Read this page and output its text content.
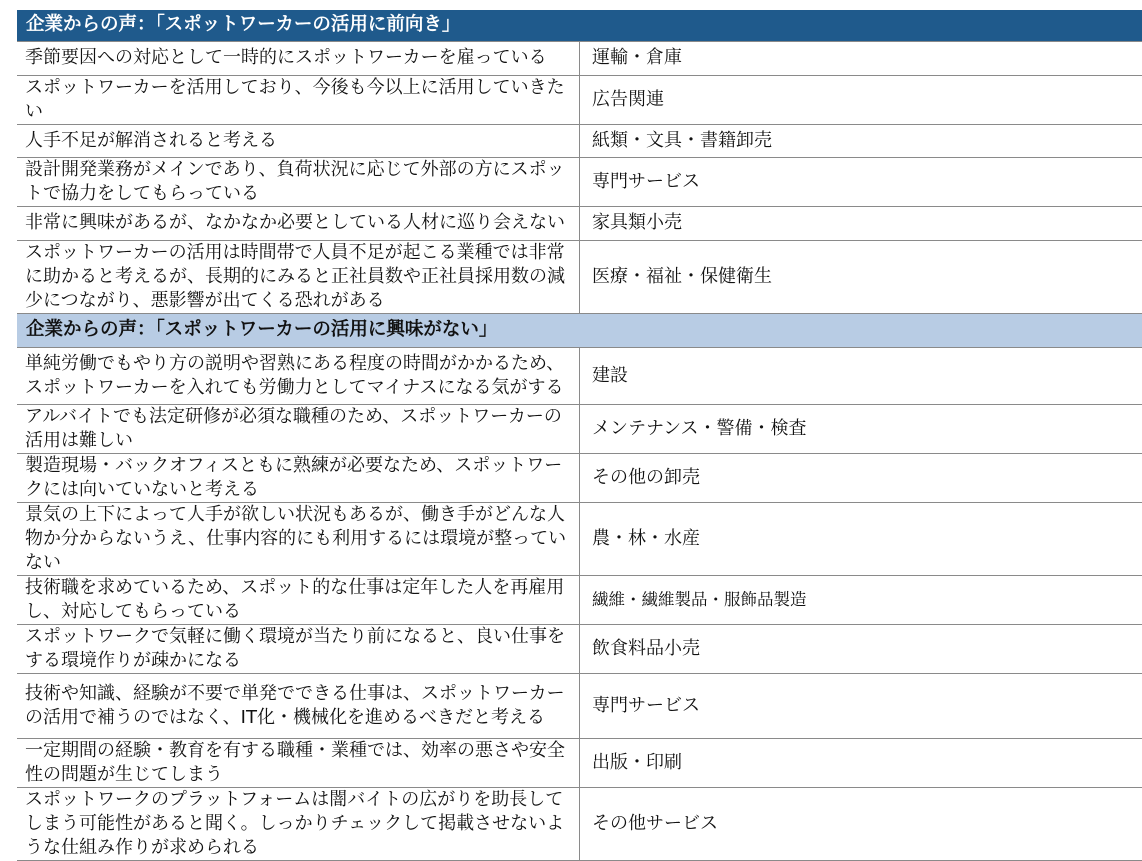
企業からの声：「スポットワーカーの活用に前向き」	
季節要因への対応として一時的にスポットワーカーを雇っている	運輸・倉庫
スポットワーカーを活用しており、今後も今以上に活用していきたい	広告関連
人手不足が解消されると考える	紙類・文具・書籍卸売
設計開発業務がメインであり、負荷状況に応じて外部の方にスポットで協力をしてもらっている	専門サービス
非常に興味があるが、なかなか必要としている人材に巡り会えない	家具類小売
スポットワーカーの活用は時間帯で人員不足が起こる業種では非常に助かると考えるが、長期的にみると正社員数や正社員採用数の減少につながり、悪影響が出てくる恐れがある	医療・福祉・保健衛生
企業からの声：「スポットワーカーの活用に興味がない」	
単純労働でもやり方の説明や習熟にある程度の時間がかかるため、スポットワーカーを入れても労働力としてマイナスになる気がする	建設
アルバイトでも法定研修が必須な職種のため、スポットワーカーの活用は難しい	メンテナンス・警備・検査
製造現場・バックオフィスともに熟練が必要なため、スポットワークには向いていないと考える	その他の卸売
景気の上下によって人手が欲しい状況もあるが、働き手がどんな人物か分からないうえ、仕事内容的にも利用するには環境が整っていない	農・林・水産
技術職を求めているため、スポット的な仕事は定年した人を再雇用し、対応してもらっている	繊維・繊維製品・服飾品製造
スポットワークで気軽に働く環境が当たり前になると、良い仕事をする環境作りが疎かになる	飲食料品小売
技術や知識、経験が不要で単発でできる仕事は、スポットワーカーの活用で補うのではなく、IT化・機械化を進めるべきだと考える	専門サービス
一定期間の経験・教育を有する職種・業種では、効率の悪さや安全性の問題が生じてしまう	出版・印刷
スポットワークのプラットフォームは闇バイトの広がりを助長してしまう可能性があると聞く。しっかりチェックして掲載させないような仕組み作りが求められる	その他サービス
